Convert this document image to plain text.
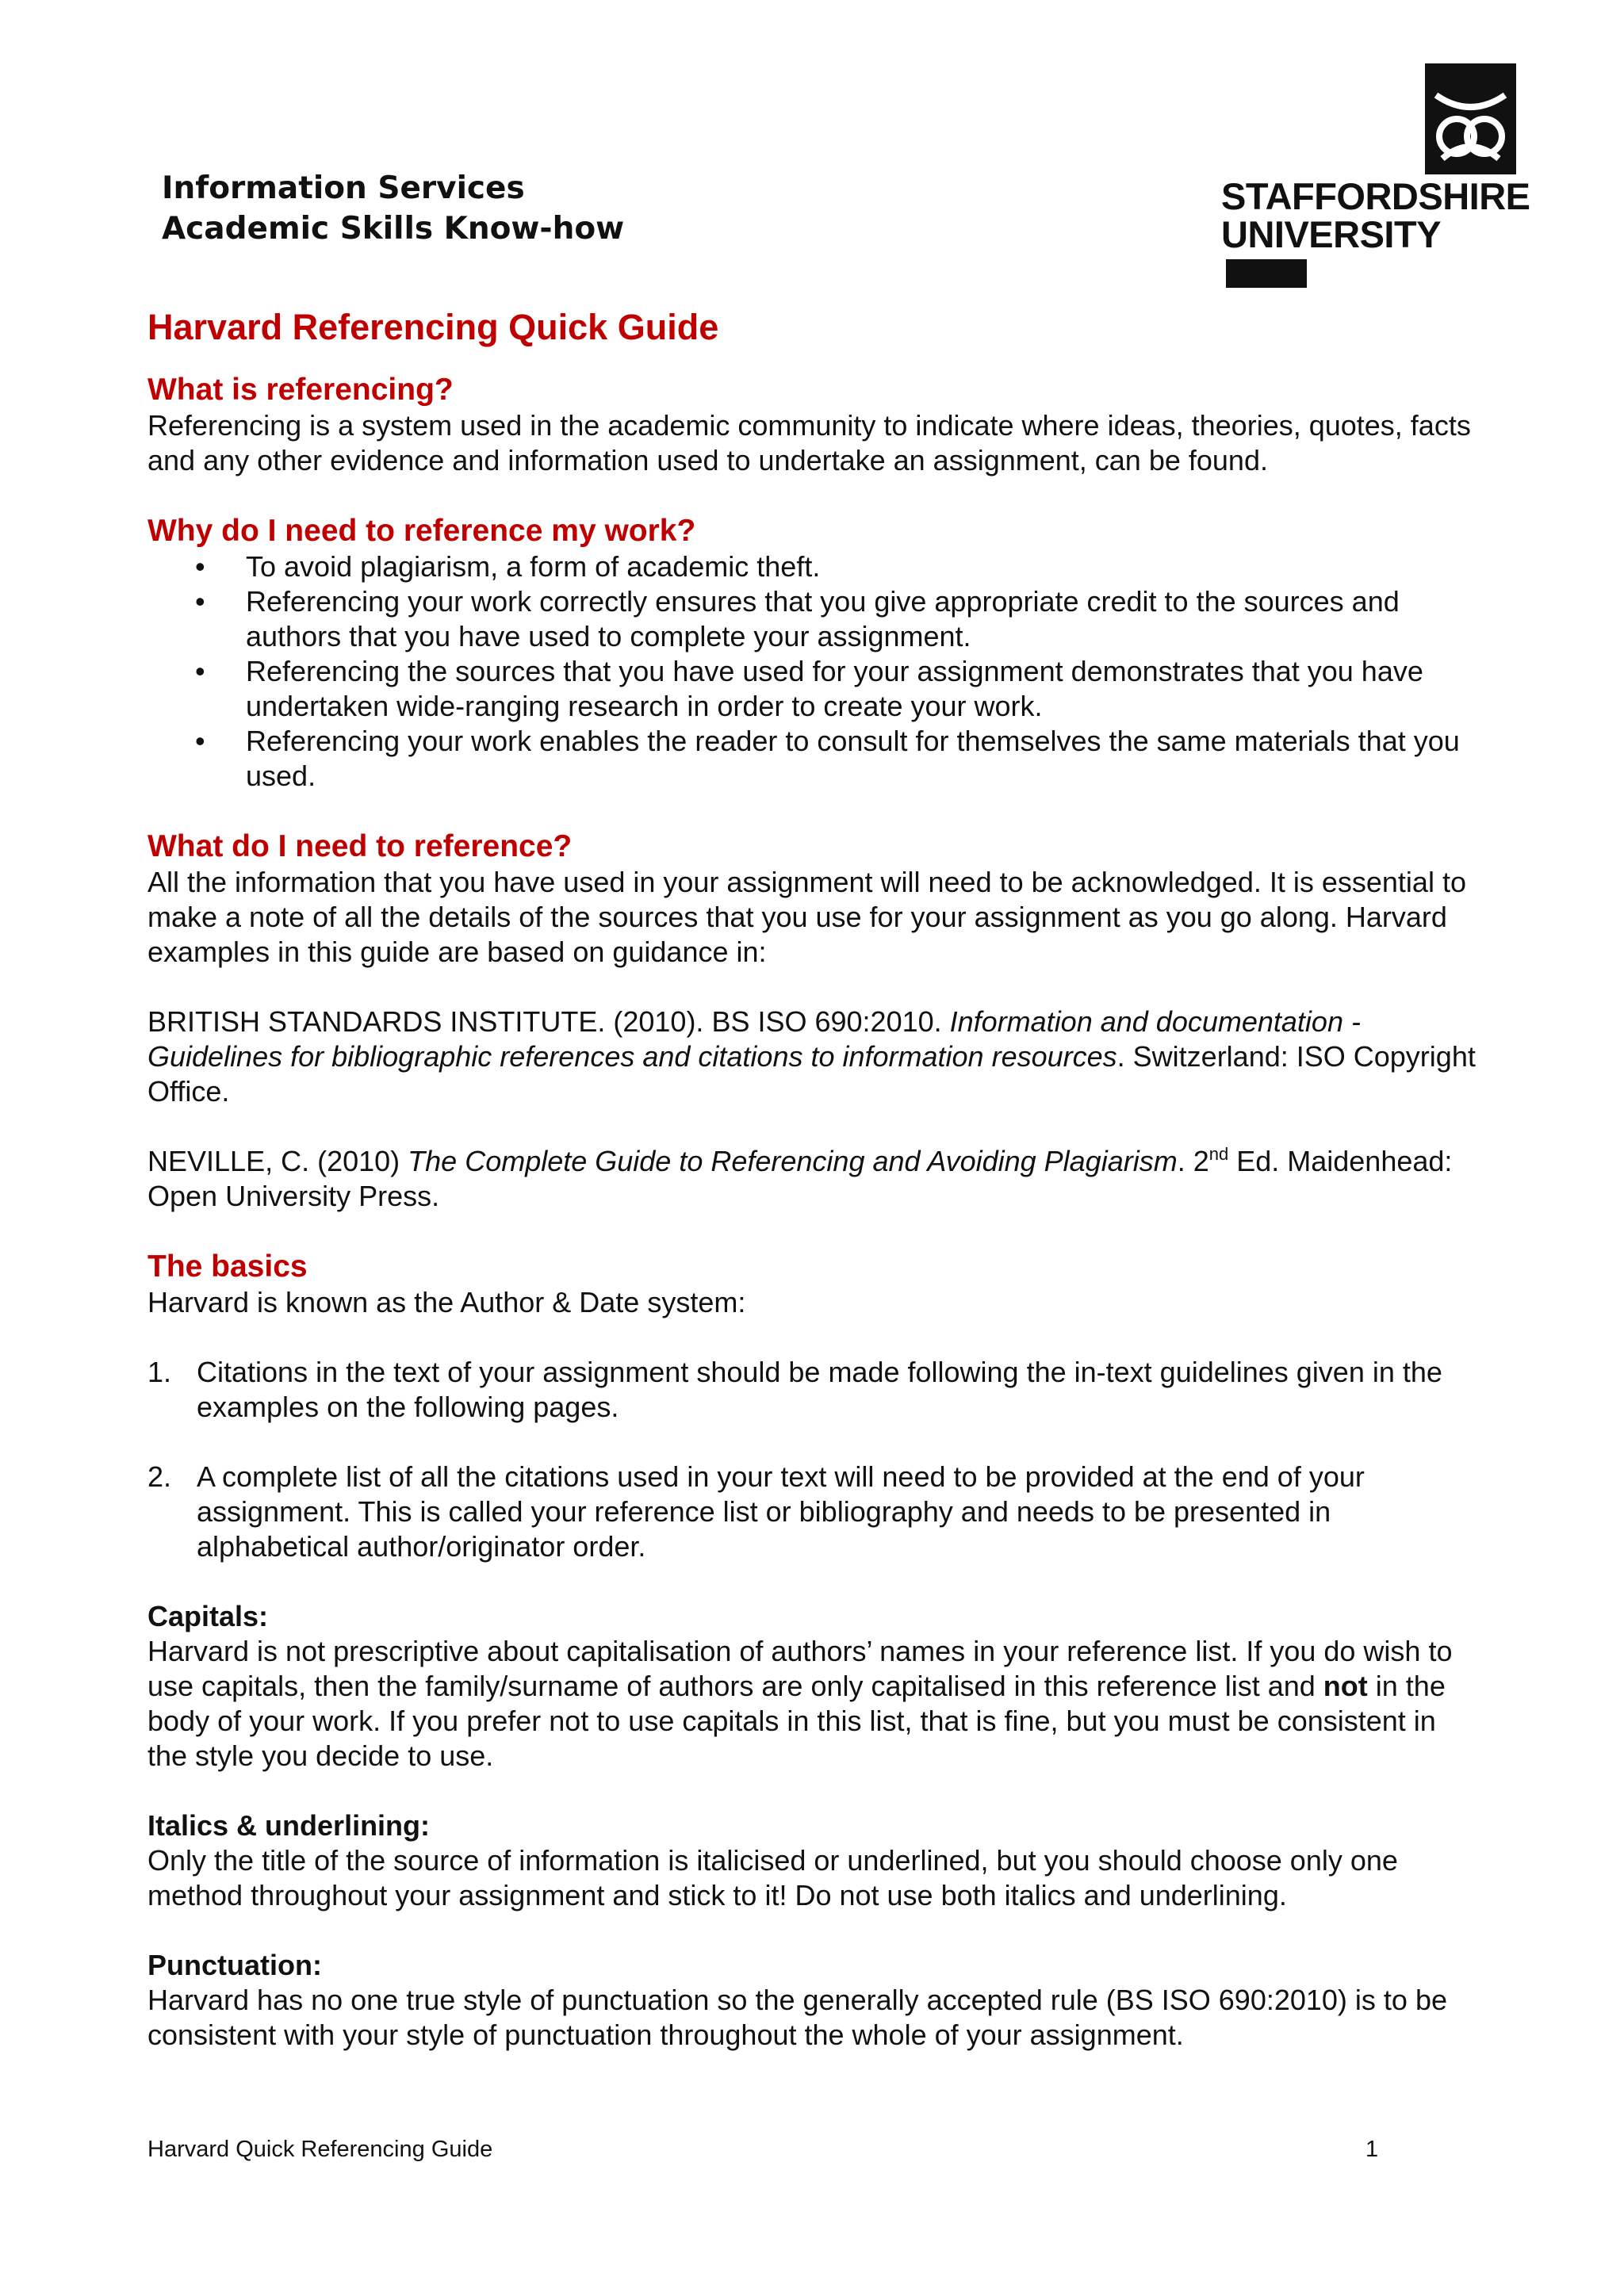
Information Services
Academic Skills Know-how
STAFFORDSHIRE
UNIVERSITY
Harvard Referencing Quick Guide
What is referencing?

Referencing is a system used in the academic community to indicate where ideas, theories, quotes, facts and any other evidence and information used to undertake an assignment, can be found.

Why do I need to reference my work?
• To avoid plagiarism, a form of academic theft.
• Referencing your work correctly ensures that you give appropriate credit to the sources and authors that you have used to complete your assignment.
• Referencing the sources that you have used for your assignment demonstrates that you have undertaken wide-ranging research in order to create your work.
• Referencing your work enables the reader to consult for themselves the same materials that you used.
What do I need to reference?

All the information that you have used in your assignment will need to be acknowledged. It is essential to make a note of all the details of the sources that you use for your assignment as you go along. Harvard examples in this guide are based on guidance in:

BRITISH STANDARDS INSTITUTE. (2010). BS ISO 690:2010. Information and documentation - Guidelines for bibliographic references and citations to information resources. Switzerland: ISO Copyright Office.

NEVILLE, C. (2010) The Complete Guide to Referencing and Avoiding Plagiarism. 2nd Ed. Maidenhead: Open University Press.

The basics

Harvard is known as the Author & Date system:

1. Citations in the text of your assignment should be made following the in-text guidelines given in the examples on the following pages.
2. A complete list of all the citations used in your text will need to be provided at the end of your assignment. This is called your reference list or bibliography and needs to be presented in alphabetical author/originator order.
Capitals:

Harvard is not prescriptive about capitalisation of authors’ names in your reference list. If you do wish to use capitals, then the family/surname of authors are only capitalised in this reference list and not in the body of your work. If you prefer not to use capitals in this list, that is fine, but you must be consistent in the style you decide to use.

Italics & underlining:

Only the title of the source of information is italicised or underlined, but you should choose only one method throughout your assignment and stick to it! Do not use both italics and underlining.

Punctuation:

Harvard has no one true style of punctuation so the generally accepted rule (BS ISO 690:2010) is to be consistent with your style of punctuation throughout the whole of your assignment.

Harvard Quick Referencing Guide	1
